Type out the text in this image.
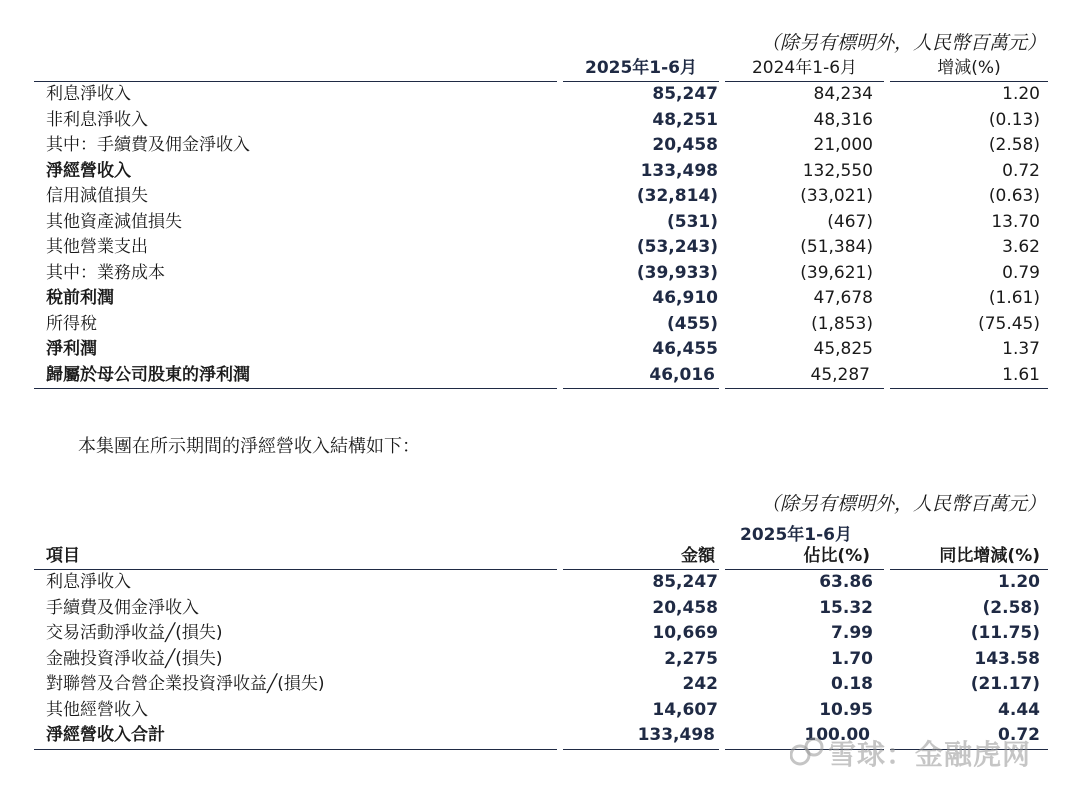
（除另有標明外，人民幣百萬元）
	2025年1-6月	2024年1-6月	增減(%)
利息淨收入	85,247	84,234	1.20
非利息淨收入	48,251	48,316	(0.13)
其中：手續費及佣金淨收入	20,458	21,000	(2.58)
淨經營收入	133,498	132,550	0.72
信用減值損失	(32,814)	(33,021)	(0.63)
其他資產減值損失	(531)	(467)	13.70
其他營業支出	(53,243)	(51,384)	3.62
其中：業務成本	(39,933)	(39,621)	0.79
稅前利潤	46,910	47,678	(1.61)
所得稅	(455)	(1,853)	(75.45)
淨利潤	46,455	45,825	1.37
歸屬於母公司股東的淨利潤	46,016	45,287	1.61
本集團在所示期間的淨經營收入結構如下：
（除另有標明外，人民幣百萬元）
2025年1-6月
項目	金額	佔比(%)	同比增減(%)
利息淨收入	85,247	63.86	1.20
手續費及佣金淨收入	20,458	15.32	(2.58)
交易活動淨收益╱(損失)	10,669	7.99	(11.75)
金融投資淨收益╱(損失)	2,275	1.70	143.58
對聯營及合營企業投資淨收益╱(損失)	242	0.18	(21.17)
其他經營收入	14,607	10.95	4.44
淨經營收入合計	133,498	100.00	0.72
雪球：金融虎网
